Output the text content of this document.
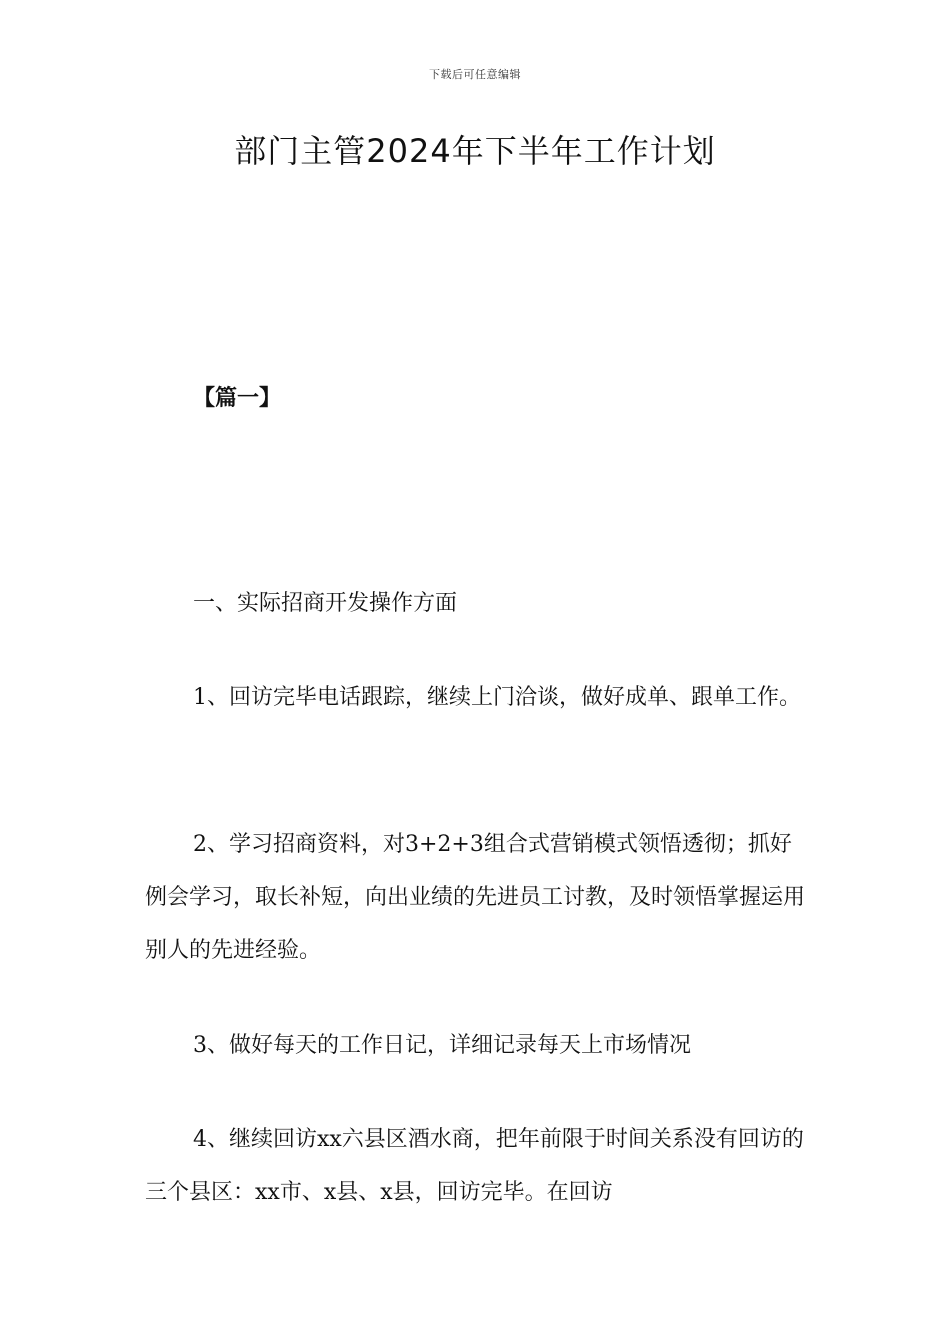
下载后可任意编辑
部门主管2024年下半年工作计划
【篇一】
一、实际招商开发操作方面
1、回访完毕电话跟踪，继续上门洽谈，做好成单、跟单工作。
2、学习招商资料，对3+2+3组合式营销模式领悟透彻；抓好例会学习，取长补短，向出业绩的先进员工讨教，及时领悟掌握运用别人的先进经验。
3、做好每天的工作日记，详细记录每天上市场情况
4、继续回访xx六县区酒水商，把年前限于时间关系没有回访的三个县区：xx市、x县、x县，回访完毕。在回访
